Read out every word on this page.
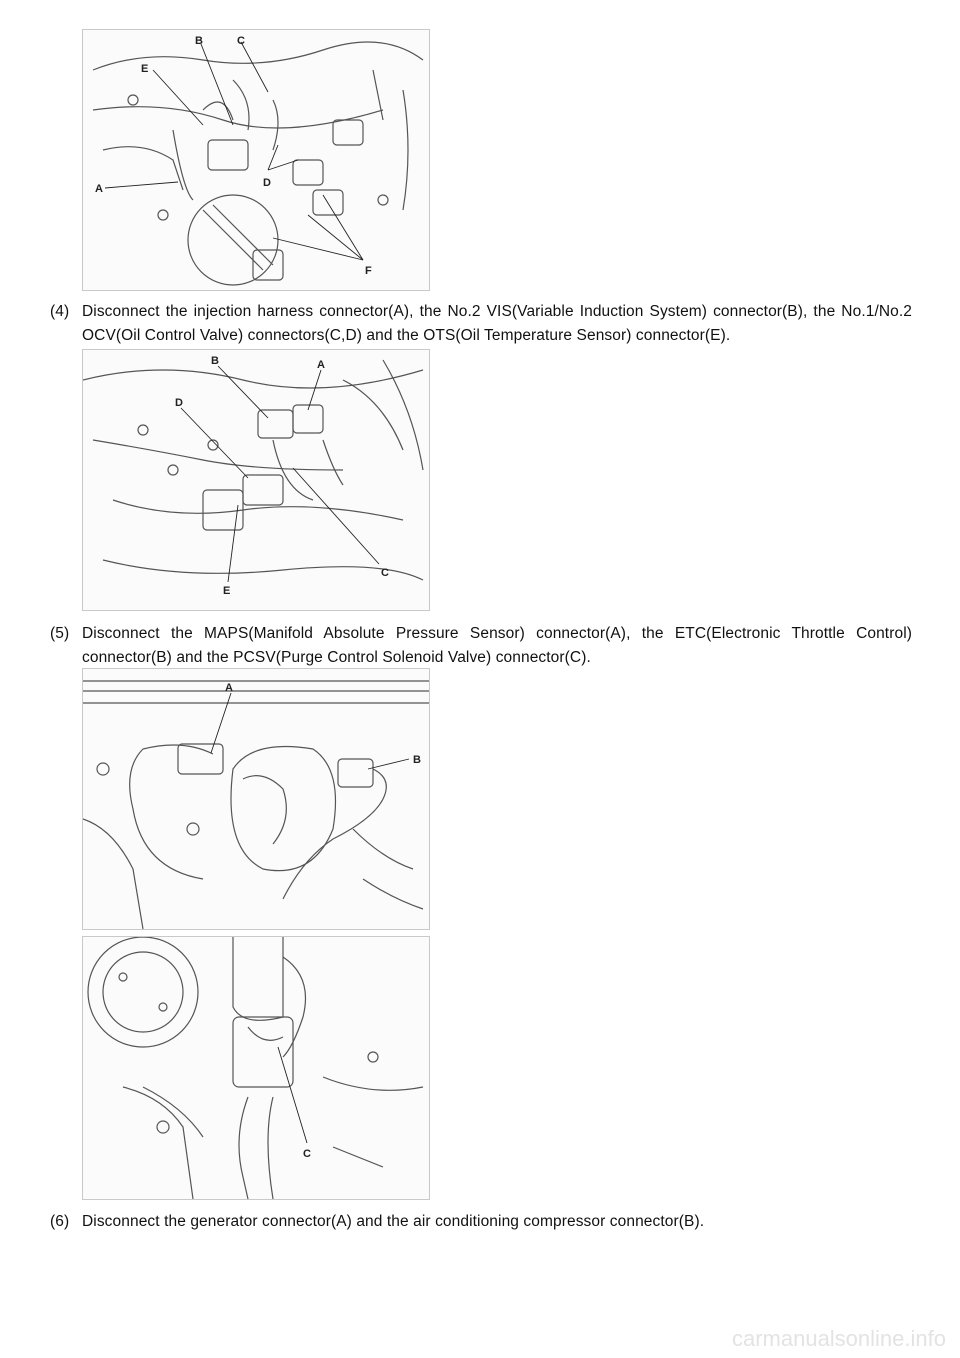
A
B	C
D
E
F
(4) Disconnect the injection harness connector(A), the No.2 VIS(Variable Induction System) connector(B), the No.1/No.2 OCV(Oil Control Valve) connectors(C,D) and the OTS(Oil Temperature Sensor) connector(E).
A
B
C
D
E
(5) Disconnect the MAPS(Manifold Absolute Pressure Sensor) connector(A), the ETC(Electronic Throttle Control) connector(B) and the PCSV(Purge Control Solenoid Valve) connector(C).
A
B
C
(6) Disconnect the generator connector(A) and the air conditioning compressor connector(B).
carmanualsonline.info
